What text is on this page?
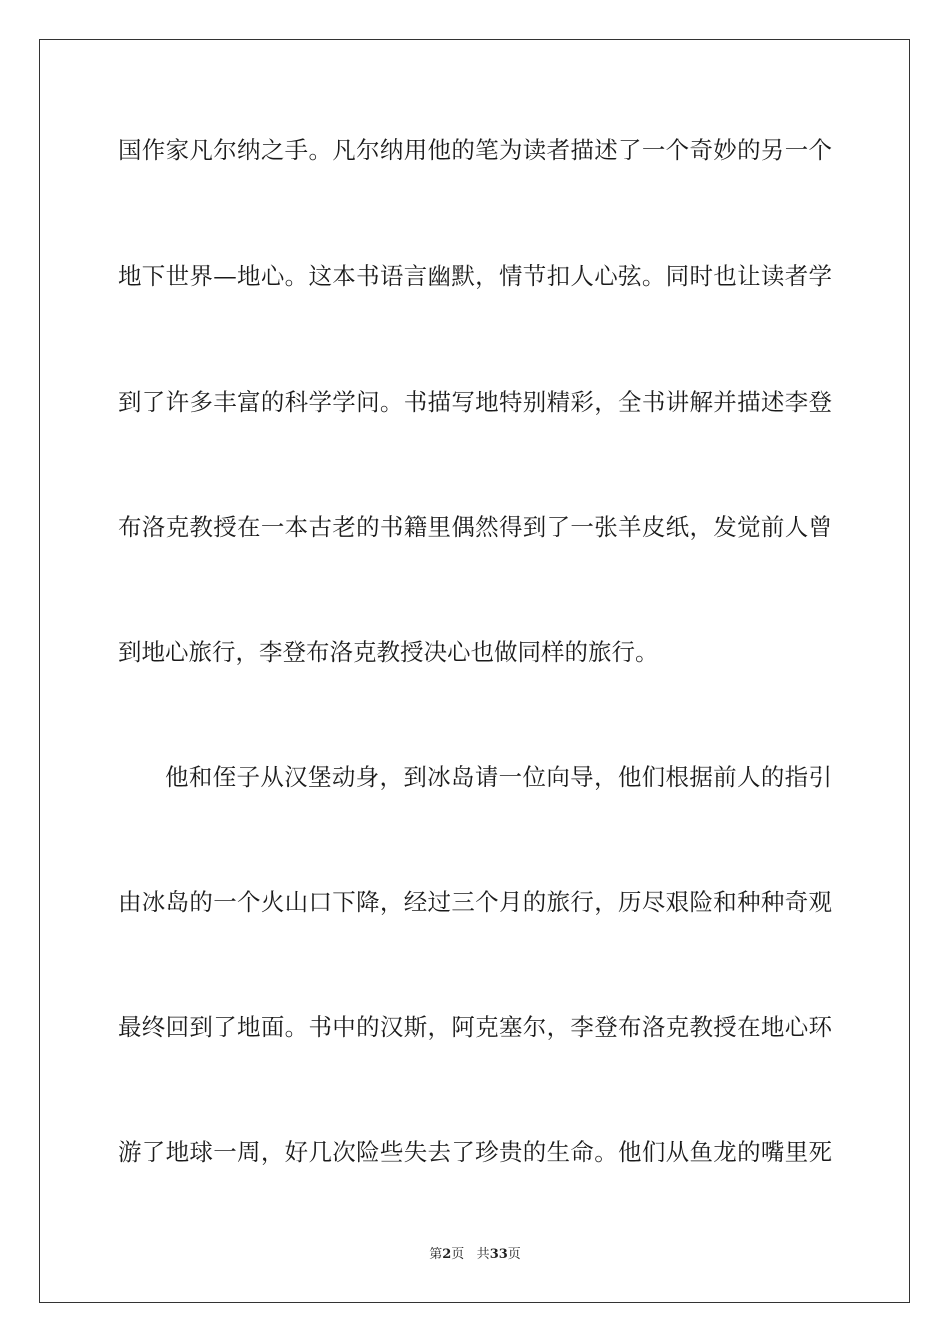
国作家凡尔纳之手。凡尔纳用他的笔为读者描述了一个奇妙的另一个
地下世界—地心。这本书语言幽默，情节扣人心弦。同时也让读者学
到了许多丰富的科学学问。书描写地特别精彩，全书讲解并描述李登
布洛克教授在一本古老的书籍里偶然得到了一张羊皮纸，发觉前人曾
到地心旅行，李登布洛克教授决心也做同样的旅行。
他和侄子从汉堡动身，到冰岛请一位向导，他们根据前人的指引
由冰岛的一个火山口下降，经过三个月的旅行，历尽艰险和种种奇观
最终回到了地面。书中的汉斯，阿克塞尔，李登布洛克教授在地心环
游了地球一周，好几次险些失去了珍贵的生命。他们从鱼龙的嘴里死
第2页 共33页
